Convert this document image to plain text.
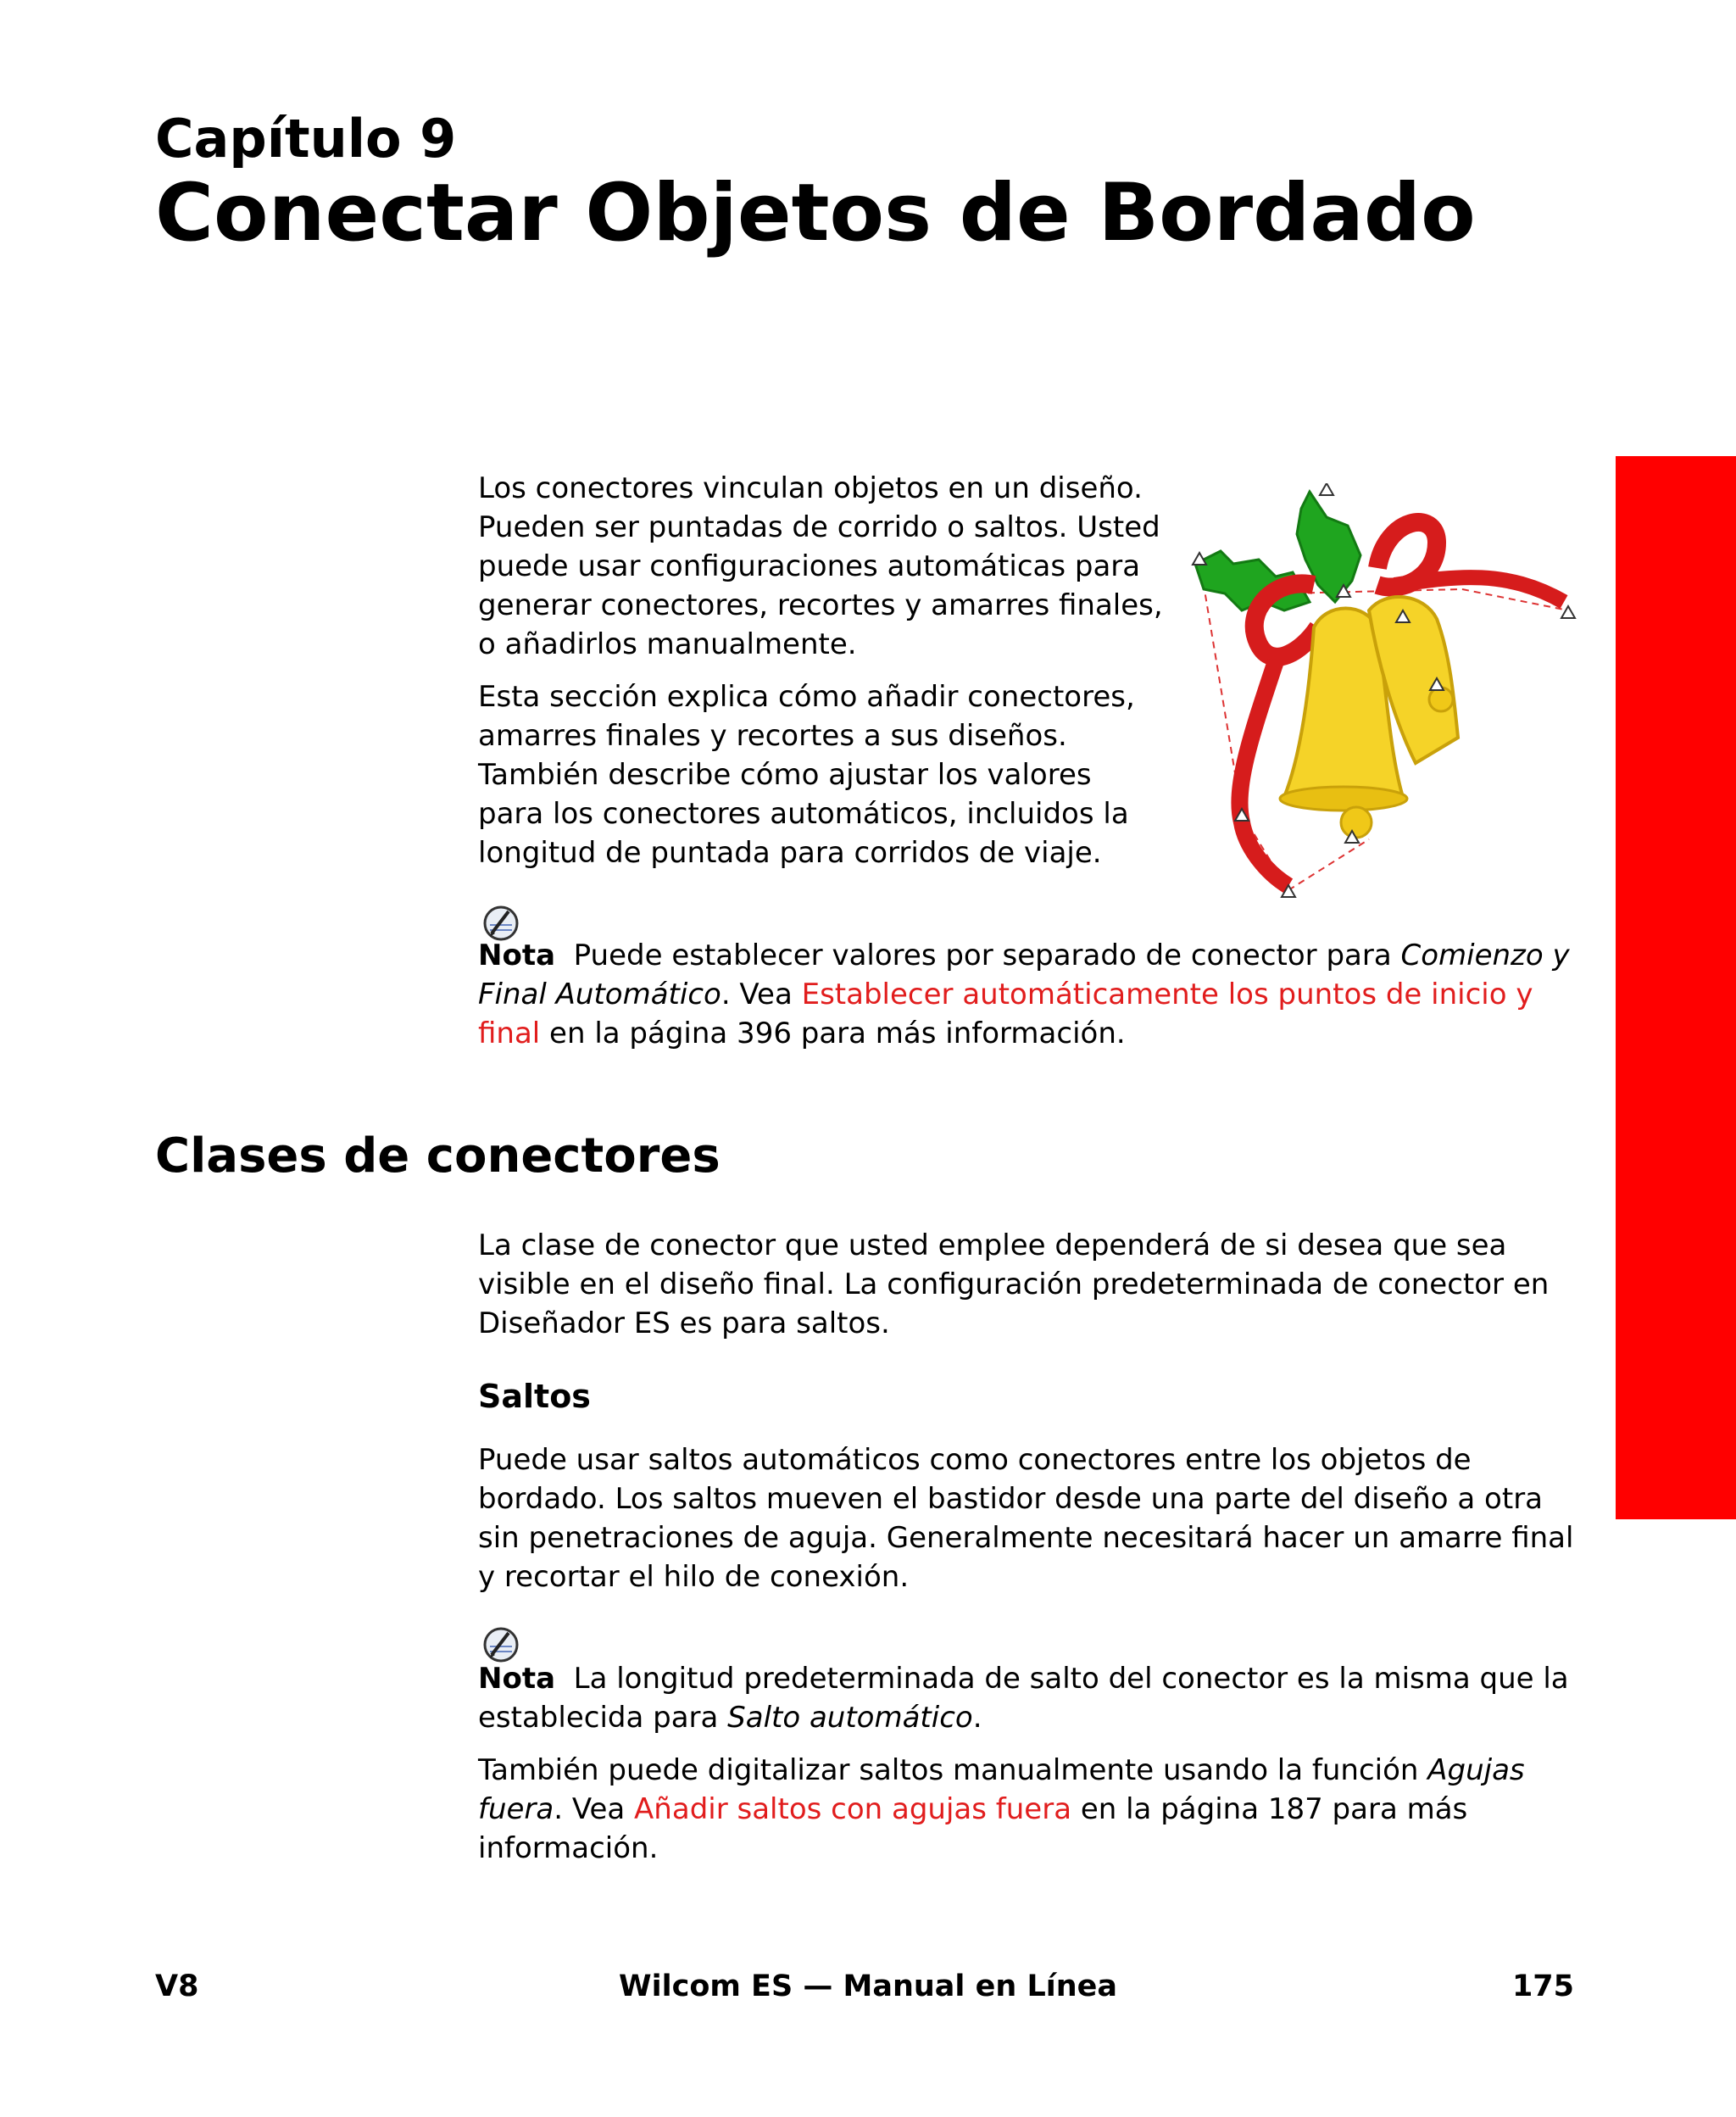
Capítulo 9
Conectar Objetos de Bordado

Los conectores vinculan objetos en un diseño. Pueden ser puntadas de corrido o saltos. Usted puede usar configuraciones automáticas para generar conectores, recortes y amarres finales, o añadirlos manualmente.

Esta sección explica cómo añadir conectores, amarres finales y recortes a sus diseños. También describe cómo ajustar los valores para los conectores automáticos, incluidos la longitud de puntada para corridos de viaje.

Nota Puede establecer valores por separado de conector para Comienzo y Final Automático. Vea Establecer automáticamente los puntos de inicio y final en la página 396 para más información.

Clases de conectores

La clase de conector que usted emplee dependerá de si desea que sea visible en el diseño final. La configuración predeterminada de conector en Diseñador ES es para saltos.

Saltos

Puede usar saltos automáticos como conectores entre los objetos de bordado. Los saltos mueven el bastidor desde una parte del diseño a otra sin penetraciones de aguja. Generalmente necesitará hacer un amarre final y recortar el hilo de conexión.

Nota La longitud predeterminada de salto del conector es la misma que la establecida para Salto automático.

También puede digitalizar saltos manualmente usando la función Agujas fuera. Vea Añadir saltos con agujas fuera en la página 187 para más información.

V8	Wilcom ES — Manual en Línea	175
